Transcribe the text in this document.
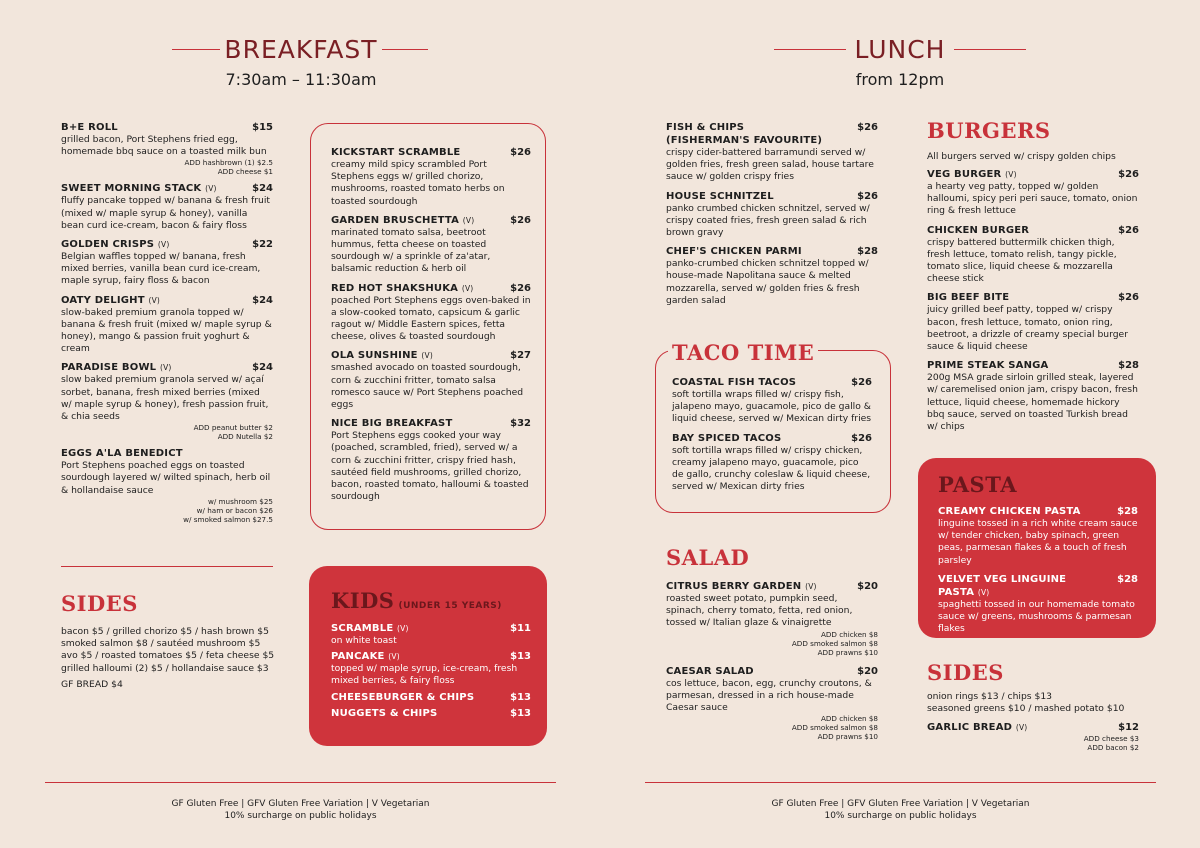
BREAKFAST
7:30am – 11:30am
B+E ROLL	$15
grilled bacon, Port Stephens fried egg, homemade bbq sauce on a toasted milk bun
ADD hashbrown (1) $2.5
ADD cheese $1
SWEET MORNING STACK (V)	$24
fluffy pancake topped w/ banana & fresh fruit (mixed w/ maple syrup & honey), vanilla bean curd ice-cream, bacon & fairy floss
GOLDEN CRISPS (V)	$22
Belgian waffles topped w/ banana, fresh mixed berries, vanilla bean curd ice-cream, maple syrup, fairy floss & bacon
OATY DELIGHT (V)	$24
slow-baked premium granola topped w/ banana & fresh fruit (mixed w/ maple syrup & honey), mango & passion fruit yoghurt & cream
PARADISE BOWL (V)	$24
slow baked premium granola served w/ açaí sorbet, banana, fresh mixed berries (mixed w/ maple syrup & honey), fresh passion fruit, & chia seeds
ADD peanut butter $2
ADD Nutella $2
EGGS A'LA BENEDICT
Port Stephens poached eggs on toasted sourdough layered w/ wilted spinach, herb oil & hollandaise sauce
w/ mushroom $25
w/ ham or bacon $26
w/ smoked salmon $27.5
KICKSTART SCRAMBLE	$26
creamy mild spicy scrambled Port Stephens eggs w/ grilled chorizo, mushrooms, roasted tomato herbs on toasted sourdough
GARDEN BRUSCHETTA (V)	$26
marinated tomato salsa, beetroot hummus, fetta cheese on toasted sourdough w/ a sprinkle of za'atar, balsamic reduction & herb oil
RED HOT SHAKSHUKA (V)	$26
poached Port Stephens eggs oven-baked in a slow-cooked tomato, capsicum & garlic ragout w/ Middle Eastern spices, fetta cheese, olives & toasted sourdough
OLA SUNSHINE (V)	$27
smashed avocado on toasted sourdough, corn & zucchini fritter, tomato salsa romesco sauce w/ Port Stephens poached eggs
NICE BIG BREAKFAST	$32
Port Stephens eggs cooked your way (poached, scrambled, fried), served w/ a corn & zucchini fritter, crispy fried hash, sautéed field mushrooms, grilled chorizo, bacon, roasted tomato, halloumi & toasted sourdough
SIDES
bacon $5 / grilled chorizo $5 / hash brown $5
smoked salmon $8 / sautéed mushroom $5
avo $5 / roasted tomatoes $5 / feta cheese $5
grilled halloumi (2) $5 / hollandaise sauce $3
GF BREAD $4
KIDS (UNDER 15 YEARS)
SCRAMBLE (V)	$11
on white toast
PANCAKE (V)	$13
topped w/ maple syrup, ice-cream, fresh mixed berries, & fairy floss
CHEESEBURGER & CHIPS	$13
NUGGETS & CHIPS	$13
GF Gluten Free | GFV Gluten Free Variation | V Vegetarian
10% surcharge on public holidays
LUNCH
from 12pm
FISH & CHIPS
(FISHERMAN'S FAVOURITE)
$26
crispy cider-battered barramundi served w/ golden fries, fresh green salad, house tartare sauce w/ golden crispy fries
HOUSE SCHNITZEL	$26
panko crumbed chicken schnitzel, served w/ crispy coated fries, fresh green salad & rich brown gravy
CHEF'S CHICKEN PARMI	$28
panko-crumbed chicken schnitzel topped w/ house-made Napolitana sauce & melted mozzarella, served w/ golden fries & fresh garden salad
TACO TIME
COASTAL FISH TACOS	$26
soft tortilla wraps filled w/ crispy fish, jalapeno mayo, guacamole, pico de gallo & liquid cheese, served w/ Mexican dirty fries
BAY SPICED TACOS	$26
soft tortilla wraps filled w/ crispy chicken, creamy jalapeno mayo, guacamole, pico de gallo, crunchy coleslaw & liquid cheese, served w/ Mexican dirty fries
SALAD
CITRUS BERRY GARDEN (V)	$20
roasted sweet potato, pumpkin seed, spinach, cherry tomato, fetta, red onion, tossed w/ Italian glaze & vinaigrette
ADD chicken $8
ADD smoked salmon $8
ADD prawns $10
CAESAR SALAD	$20
cos lettuce, bacon, egg, crunchy croutons, & parmesan, dressed in a rich house-made Caesar sauce
ADD chicken $8
ADD smoked salmon $8
ADD prawns $10
BURGERS
All burgers served w/ crispy golden chips
VEG BURGER (V)	$26
a hearty veg patty, topped w/ golden halloumi, spicy peri peri sauce, tomato, onion ring & fresh lettuce
CHICKEN BURGER	$26
crispy battered buttermilk chicken thigh, fresh lettuce, tomato relish, tangy pickle, tomato slice, liquid cheese & mozzarella cheese stick
BIG BEEF BITE	$26
juicy grilled beef patty, topped w/ crispy bacon, fresh lettuce, tomato, onion ring, beetroot, a drizzle of creamy special burger sauce & liquid cheese
PRIME STEAK SANGA	$28
200g MSA grade sirloin grilled steak, layered w/ caremelised onion jam, crispy bacon, fresh lettuce, liquid cheese, homemade hickory bbq sauce, served on toasted Turkish bread w/ chips
PASTA
CREAMY CHICKEN PASTA	$28
linguine tossed in a rich white cream sauce w/ tender chicken, baby spinach, green peas, parmesan flakes & a touch of fresh parsley
VELVET VEG LINGUINE PASTA (V)
$28
spaghetti tossed in our homemade tomato sauce w/ greens, mushrooms & parmesan flakes
SIDES
onion rings $13 / chips $13
seasoned greens $10 / mashed potato $10
GARLIC BREAD (V)	$12
ADD cheese $3
ADD bacon $2
GF Gluten Free | GFV Gluten Free Variation | V Vegetarian
10% surcharge on public holidays
